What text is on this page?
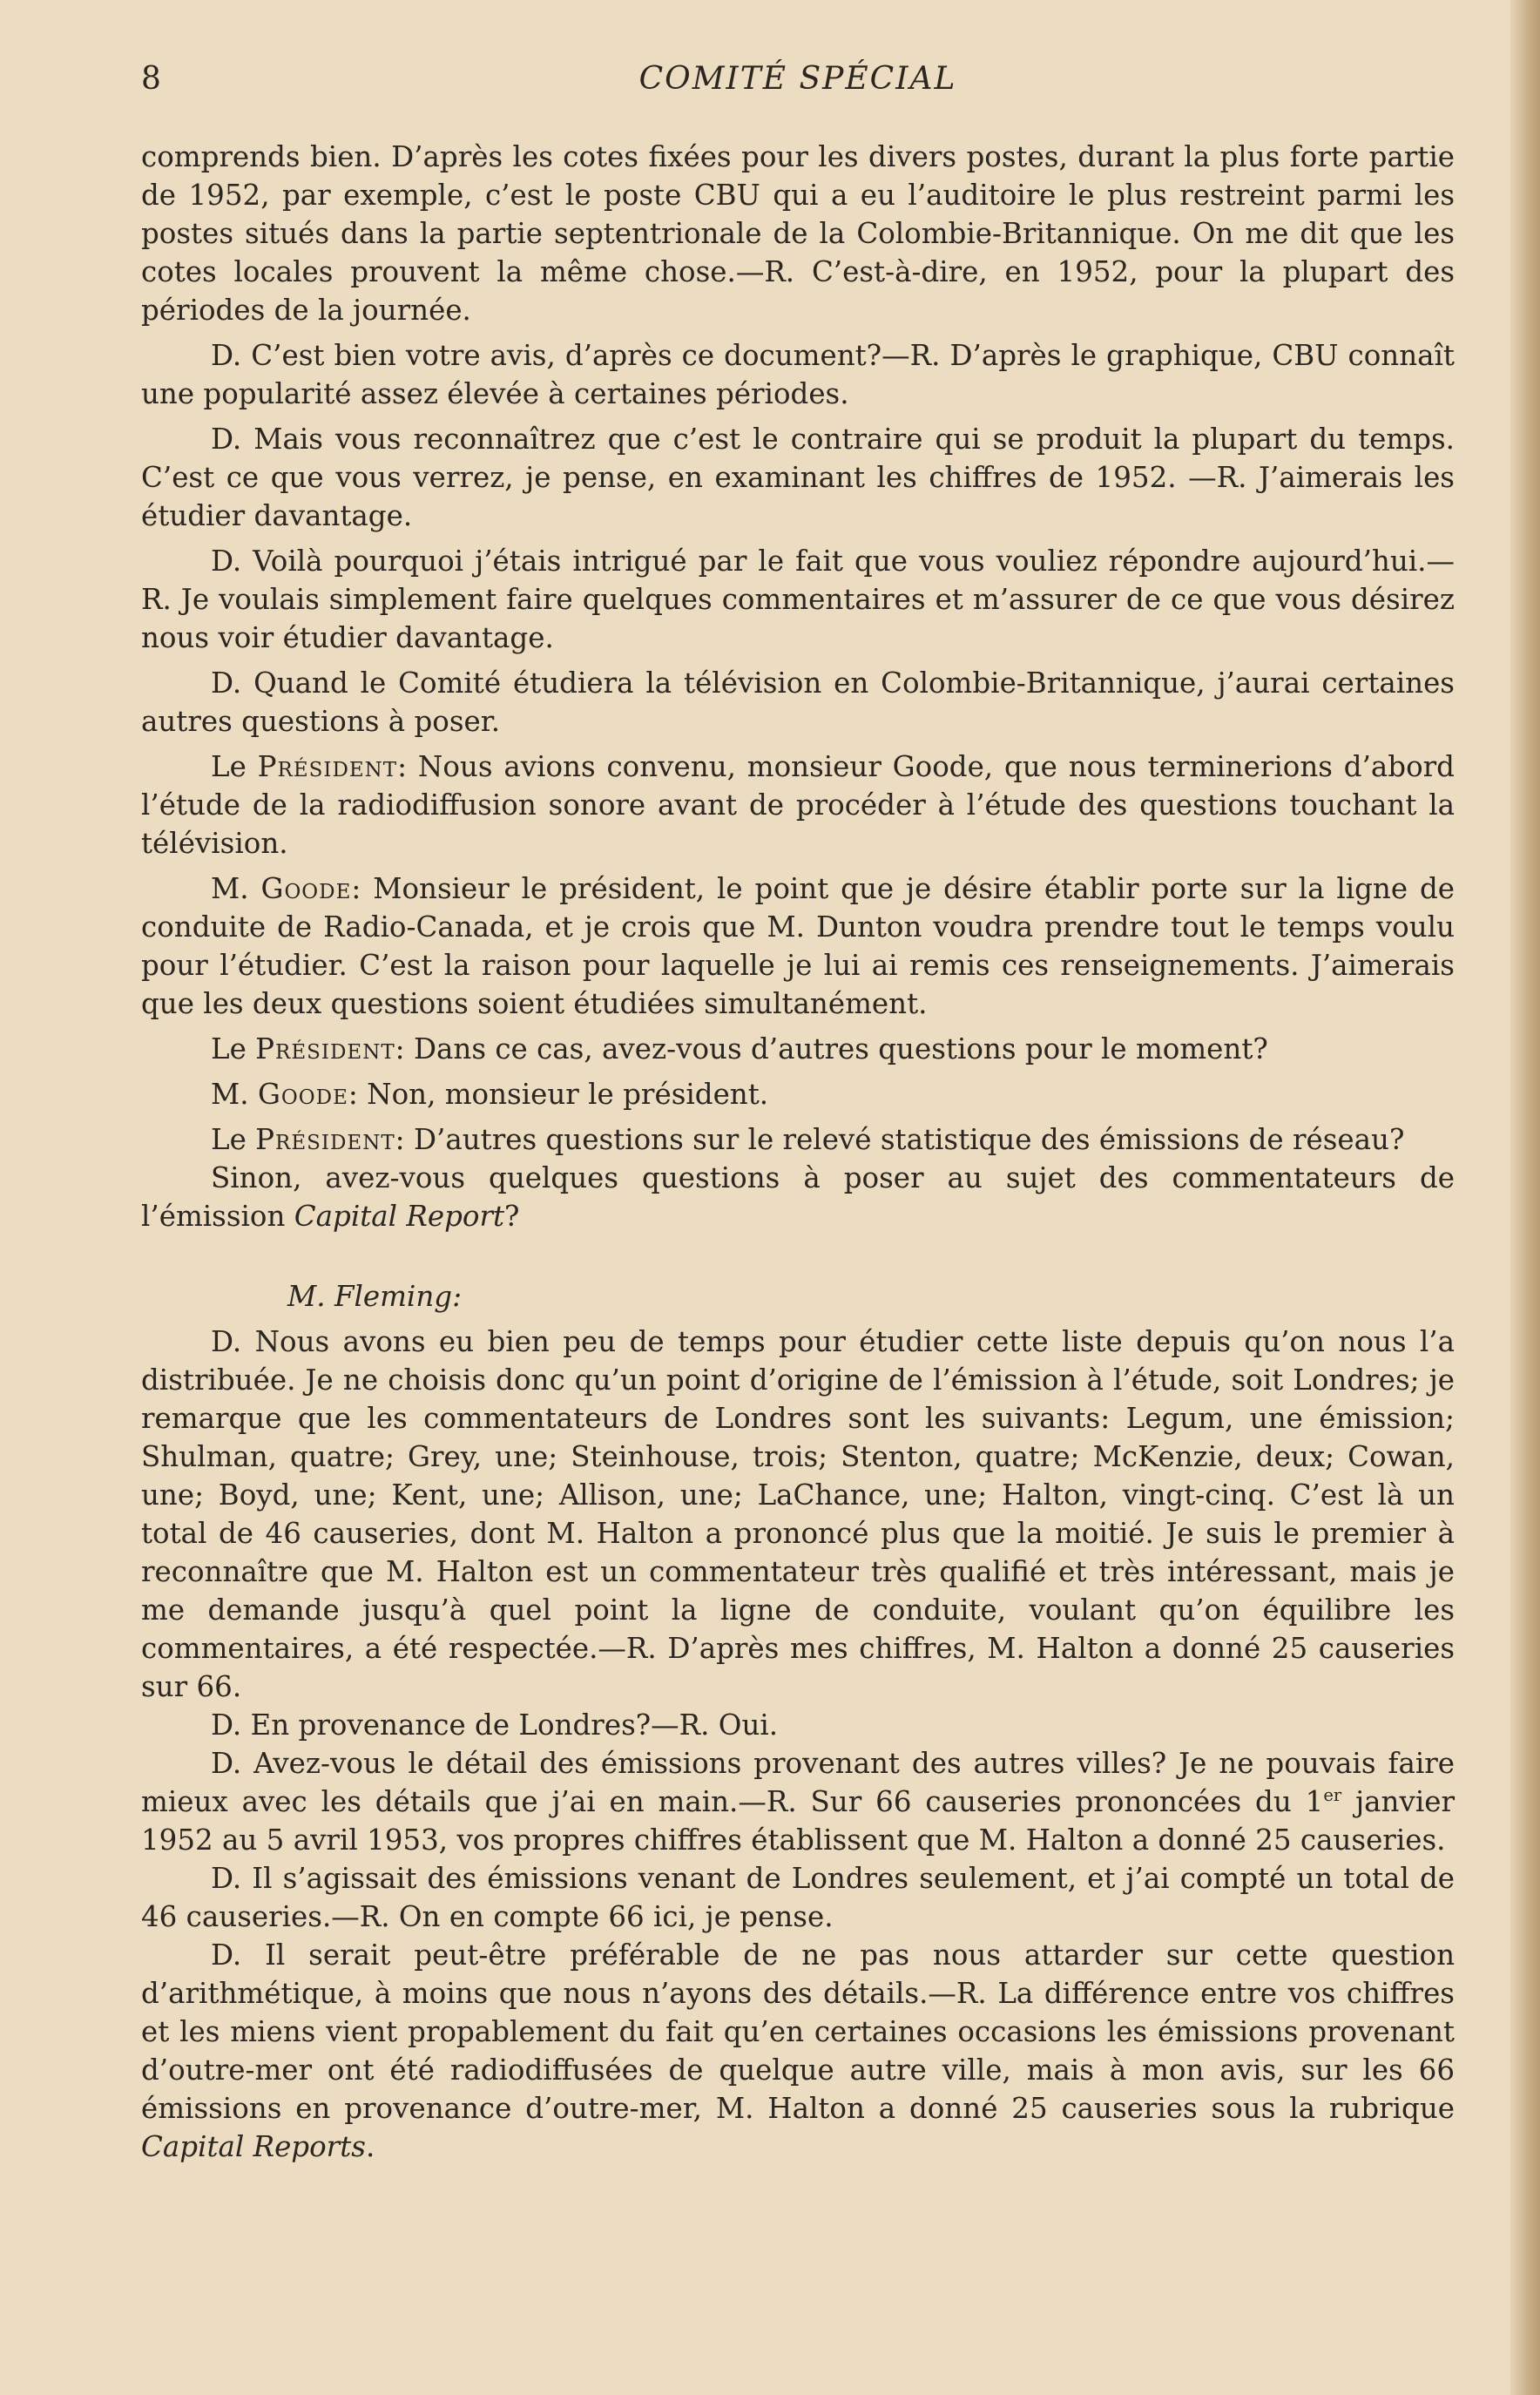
8	COMITÉ SPÉCIAL

comprends bien. D’après les cotes fixées pour les divers postes, durant la plus forte partie de 1952, par exemple, c’est le poste CBU qui a eu l’auditoire le plus restreint parmi les postes situés dans la partie septentrionale de la Colombie-Britannique. On me dit que les cotes locales prouvent la même chose.—R. C’est-à-dire, en 1952, pour la plupart des périodes de la journée.

D. C’est bien votre avis, d’après ce document?—R. D’après le graphique, CBU connaît une popularité assez élevée à certaines périodes.

D. Mais vous reconnaîtrez que c’est le contraire qui se produit la plupart du temps. C’est ce que vous verrez, je pense, en examinant les chiffres de 1952. —R. J’aimerais les étudier davantage.

D. Voilà pourquoi j’étais intrigué par le fait que vous vouliez répondre aujourd’hui.—R. Je voulais simplement faire quelques commentaires et m’assurer de ce que vous désirez nous voir étudier davantage.

D. Quand le Comité étudiera la télévision en Colombie-Britannique, j’aurai certaines autres questions à poser.

Le Président: Nous avions convenu, monsieur Goode, que nous terminerions d’abord l’étude de la radiodiffusion sonore avant de procéder à l’étude des questions touchant la télévision.

M. Goode: Monsieur le président, le point que je désire établir porte sur la ligne de conduite de Radio-Canada, et je crois que M. Dunton voudra prendre tout le temps voulu pour l’étudier. C’est la raison pour laquelle je lui ai remis ces renseignements. J’aimerais que les deux questions soient étudiées simultanément.

Le Président: Dans ce cas, avez-vous d’autres questions pour le moment?

M. Goode: Non, monsieur le président.

Le Président: D’autres questions sur le relevé statistique des émissions de réseau?

Sinon, avez-vous quelques questions à poser au sujet des commentateurs de l’émission Capital Report?

M. Fleming:

D. Nous avons eu bien peu de temps pour étudier cette liste depuis qu’on nous l’a distribuée. Je ne choisis donc qu’un point d’origine de l’émission à l’étude, soit Londres; je remarque que les commentateurs de Londres sont les suivants: Legum, une émission; Shulman, quatre; Grey, une; Steinhouse, trois; Stenton, quatre; McKenzie, deux; Cowan, une; Boyd, une; Kent, une; Allison, une; LaChance, une; Halton, vingt-cinq. C’est là un total de 46 causeries, dont M. Halton a prononcé plus que la moitié. Je suis le premier à reconnaître que M. Halton est un commentateur très qualifié et très intéressant, mais je me demande jusqu’à quel point la ligne de conduite, voulant qu’on équilibre les commentaires, a été respectée.—R. D’après mes chiffres, M. Halton a donné 25 causeries sur 66.

D. En provenance de Londres?—R. Oui.

D. Avez-vous le détail des émissions provenant des autres villes? Je ne pouvais faire mieux avec les détails que j’ai en main.—R. Sur 66 causeries prononcées du 1er janvier 1952 au 5 avril 1953, vos propres chiffres établissent que M. Halton a donné 25 causeries.

D. Il s’agissait des émissions venant de Londres seulement, et j’ai compté un total de 46 causeries.—R. On en compte 66 ici, je pense.

D. Il serait peut-être préférable de ne pas nous attarder sur cette question d’arithmétique, à moins que nous n’ayons des détails.—R. La différence entre vos chiffres et les miens vient propablement du fait qu’en certaines occasions les émissions provenant d’outre-mer ont été radiodiffusées de quelque autre ville, mais à mon avis, sur les 66 émissions en provenance d’outre-mer, M. Halton a donné 25 causeries sous la rubrique Capital Reports.
